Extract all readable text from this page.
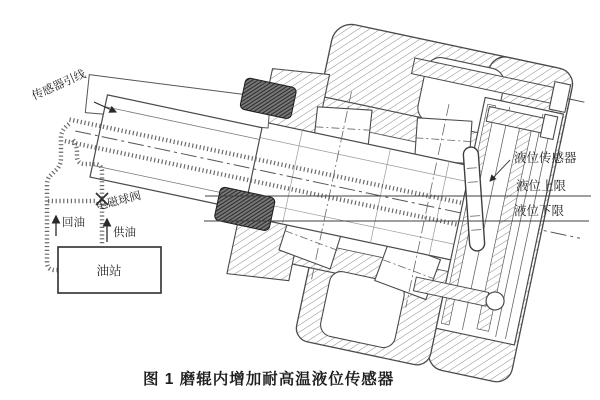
传感器引线
电磁球阀
回油
供油
油站
液位传感器
液位上限
液位下限
图 1 磨辊内增加耐高温液位传感器
